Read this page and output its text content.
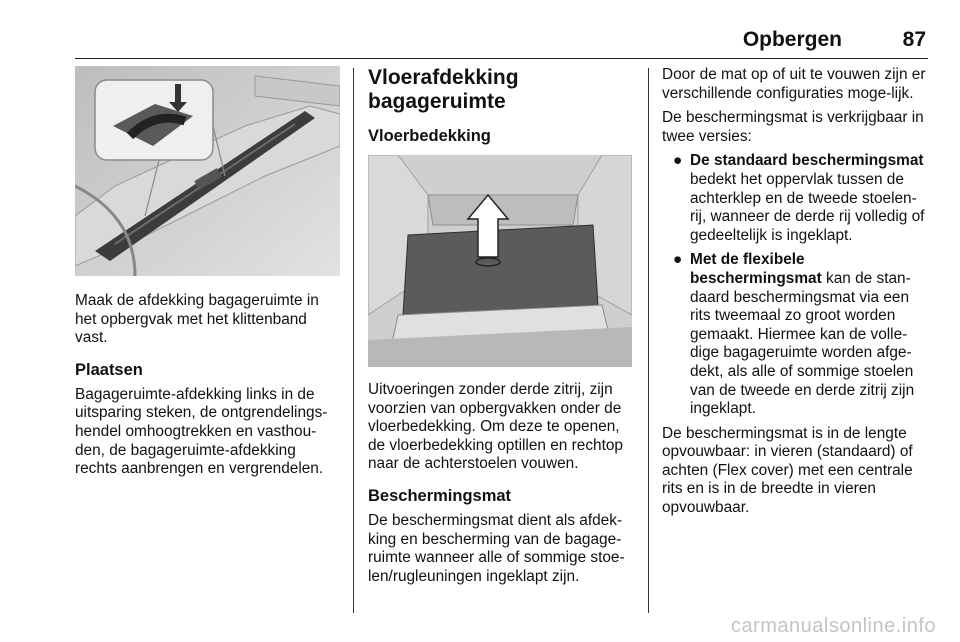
Opbergen	87

Maak de afdekking bagageruimte in het opbergvak met het klittenband vast.

Plaatsen

Bagageruimte-afdekking links in de uitsparing steken, de ontgrendelings-hendel omhoogtrekken en vasthou-den, de bagageruimte-afdekking rechts aanbrengen en vergrendelen.

Vloerafdekking
bagageruimte
Vloerbedekking

Uitvoeringen zonder derde zitrij, zijn voorzien van opbergvakken onder de vloerbedekking. Om deze te openen, de vloerbedekking optillen en rechtop naar de achterstoelen vouwen.

Beschermingsmat

De beschermingsmat dient als afdek-king en bescherming van de bagage-ruimte wanneer alle of sommige stoe-len/rugleuningen ingeklapt zijn.

Door de mat op of uit te vouwen zijn er verschillende configuraties moge-lijk.

De beschermingsmat is verkrijgbaar in twee versies:

● De standaard beschermingsmat bedekt het oppervlak tussen de achterklep en de tweede stoelen-rij, wanneer de derde rij volledig of gedeeltelijk is ingeklapt.
● Met de flexibele beschermingsmat kan de stan-daard beschermingsmat via een rits tweemaal zo groot worden gemaakt. Hiermee kan de volle-dige bagageruimte worden afge-dekt, als alle of sommige stoelen van de tweede en derde zitrij zijn ingeklapt.

De beschermingsmat is in de lengte opvouwbaar: in vieren (standaard) of achten (Flex cover) met een centrale rits en is in de breedte in vieren opvouwbaar.

carmanualsonline.info
